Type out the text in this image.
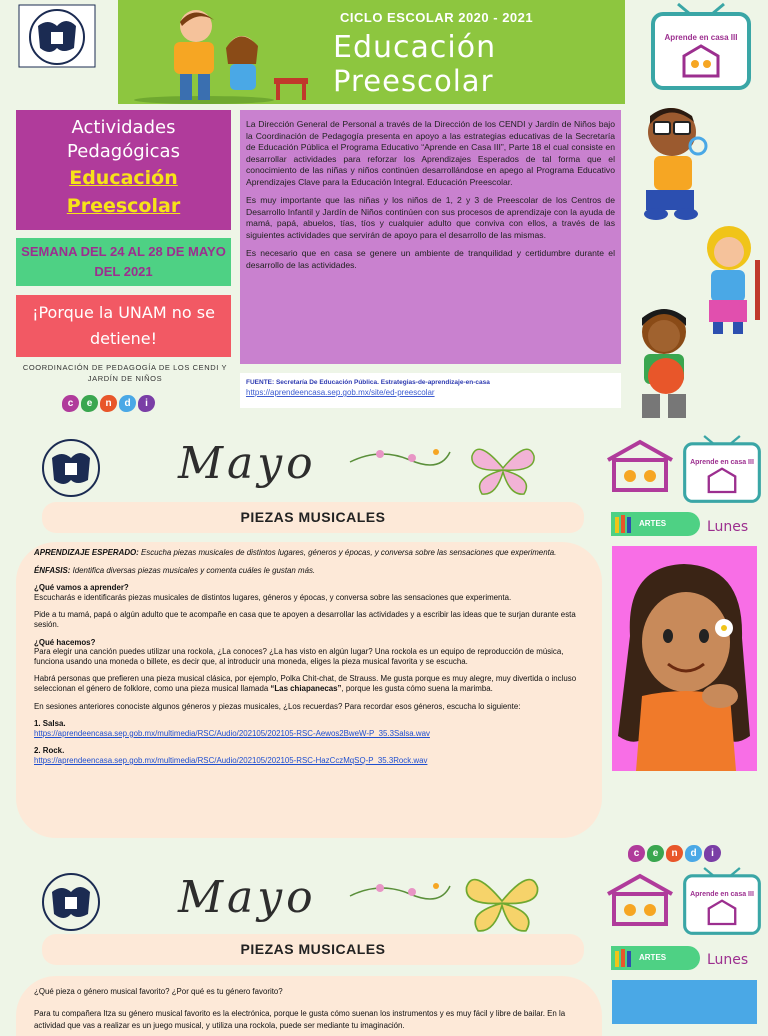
CICLO ESCOLAR 2020 - 2021
Educación
Preescolar
Aprende en casa III
Actividades
Pedagógicas
Educación
Preescolar
SEMANA DEL 24 AL 28 DE MAYO DEL 2021
¡Porque la UNAM no se detiene!
COORDINACIÓN DE PEDAGOGÍA DE LOS CENDI Y JARDÍN DE NIÑOS
c	e	n	d	i

La Dirección General de Personal a través de la Dirección de los CENDI y Jardín de Niños bajo la Coordinación de Pedagogía presenta en apoyo a las estrategias educativas de la Secretaría de Educación Pública el Programa Educativo “Aprende en Casa III”, Parte 18 el cual consiste en desarrollar actividades para reforzar los Aprendizajes Esperados de tal forma que el conocimiento de las niñas y niños continúen desarrollándose en apego al Programa Educativo Aprendizajes Clave para la Educación Integral. Educación Preescolar.

Es muy importante que las niñas y los niños de 1, 2 y 3 de Preescolar de los Centros de Desarrollo Infantil y Jardín de Niños continúen con sus procesos de aprendizaje con la ayuda de mamá, papá, abuelos, tías, tíos y cualquier adulto que conviva con ellos, a través de las siguientes actividades que servirán de apoyo para el desarrollo de las mismas.

Es necesario que en casa se genere un ambiente de tranquilidad y certidumbre durante el desarrollo de las actividades.

FUENTE: Secretaría De Educación Pública. Estrategias-de-aprendizaje-en-casa
https://aprendeencasa.sep.gob.mx/site/ed-preescolar
Mayo	Aprende en casa III
PIEZAS MUSICALES	ARTES	Lunes

APRENDIZAJE ESPERADO: Escucha piezas musicales de distintos lugares, géneros y épocas, y conversa sobre las sensaciones que experimenta.

ÉNFASIS: Identifica diversas piezas musicales y comenta cuáles le gustan más.

¿Qué vamos a aprender?
Escucharás e identificarás piezas musicales de distintos lugares, géneros y épocas, y conversa sobre las sensaciones que experimenta.

Pide a tu mamá, papá o algún adulto que te acompañe en casa que te apoyen a desarrollar las actividades y a escribir las ideas que te surjan durante esta sesión.

¿Qué hacemos?
Para elegir una canción puedes utilizar una rockola, ¿La conoces? ¿La has visto en algún lugar? Una rockola es un equipo de reproducción de música, funciona usando una moneda o billete, es decir que, al introducir una moneda, eliges la pieza musical favorita y se escucha.

Habrá personas que prefieren una pieza musical clásica, por ejemplo, Polka Chit-chat, de Strauss. Me gusta porque es muy alegre, muy divertida o incluso seleccionan el género de folklore, como una pieza musical llamada “Las chiapanecas”, porque les gusta cómo suena la marimba.

En sesiones anteriores conociste algunos géneros y piezas musicales, ¿Los recuerdas? Para recordar esos géneros, escucha lo siguiente:

1. Salsa.
https://aprendeencasa.sep.gob.mx/multimedia/RSC/Audio/202105/202105-RSC-Aewos2BweW-P_35.3Salsa.wav

2. Rock.
https://aprendeencasa.sep.gob.mx/multimedia/RSC/Audio/202105/202105-RSC-HazCczMqSQ-P_35.3Rock.wav

c	e	n	d	i
Mayo	Aprende en casa III
PIEZAS MUSICALES
ARTES	Lunes

¿Qué pieza o género musical favorito? ¿Por qué es tu género favorito?

Para tu compañera Itza su género musical favorito es la electrónica, porque le gusta cómo suenan los instrumentos y es muy fácil y libre de bailar. En la actividad que vas a realizar es un juego musical, y utiliza una rockola, puede ser mediante tu imaginación.
